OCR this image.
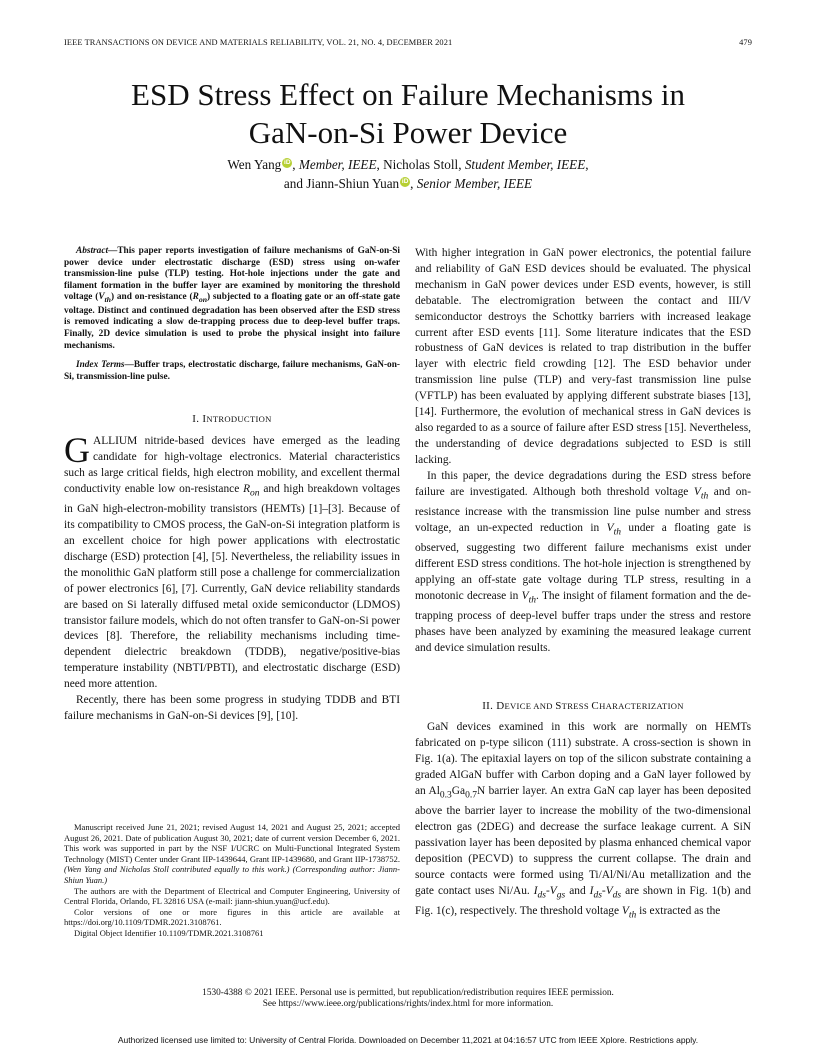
IEEE TRANSACTIONS ON DEVICE AND MATERIALS RELIABILITY, VOL. 21, NO. 4, DECEMBER 2021	479
ESD Stress Effect on Failure Mechanisms in
GaN-on-Si Power Device
Wen Yang iD , Member, IEEE, Nicholas Stoll, Student Member, IEEE,
and Jiann-Shiun Yuan iD , Senior Member, IEEE

Abstract—This paper reports investigation of failure mechanisms of GaN-on-Si power device under electrostatic discharge (ESD) stress using on-wafer transmission-line pulse (TLP) testing. Hot-hole injections under the gate and filament formation in the buffer layer are examined by monitoring the threshold voltage $(V_{th})$ and on-resistance $(R_{on})$ subjected to a floating gate or an off-state gate voltage. Distinct and continued degradation has been observed after the ESD stress is removed indicating a slow de-trapping process due to deep-level buffer traps. Finally, 2D device simulation is used to probe the physical insight into failure mechanisms.

Index Terms—Buffer traps, electrostatic discharge, failure mechanisms, GaN-on-Si, transmission-line pulse.

I. INTRODUCTION

GALLIUM nitride-based devices have emerged as the leading candidate for high-voltage electronics. Material characteristics such as large critical fields, high electron mobility, and excellent thermal conductivity enable low on-resistance $R_{on}$ and high breakdown voltages in GaN high-electron-mobility transistors (HEMTs) [1]–[3]. Because of its compatibility to CMOS process, the GaN-on-Si integration platform is an excellent choice for high power applications with electrostatic discharge (ESD) protection [4], [5]. Nevertheless, the reliability issues in the monolithic GaN platform still pose a challenge for commercialization of power electronics [6], [7]. Currently, GaN device reliability standards are based on Si laterally diffused metal oxide semiconductor (LDMOS) transistor failure models, which do not often transfer to GaN-on-Si power devices [8]. Therefore, the reliability mechanisms including time-dependent dielectric breakdown (TDDB), negative/positive-bias temperature instability (NBTI/PBTI), and electrostatic discharge (ESD) need more attention.

Recently, there has been some progress in studying TDDB and BTI failure mechanisms in GaN-on-Si devices [9], [10].

Manuscript received June 21, 2021; revised August 14, 2021 and August 25, 2021; accepted August 26, 2021. Date of publication August 30, 2021; date of current version December 6, 2021. This work was supported in part by the NSF I/UCRC on Multi-Functional Integrated System Technology (MIST) Center under Grant IIP-1439644, Grant IIP-1439680, and Grant IIP-1738752. (Wen Yang and Nicholas Stoll contributed equally to this work.) (Corresponding author: Jiann-Shiun Yuan.)

The authors are with the Department of Electrical and Computer Engineering, University of Central Florida, Orlando, FL 32816 USA (e-mail: jiann-shiun.yuan@ucf.edu).

Color versions of one or more figures in this article are available at https://doi.org/10.1109/TDMR.2021.3108761.

Digital Object Identifier 10.1109/TDMR.2021.3108761

With higher integration in GaN power electronics, the potential failure and reliability of GaN ESD devices should be evaluated. The physical mechanism in GaN power devices under ESD events, however, is still debatable. The electromigration between the contact and III/V semiconductor destroys the Schottky barriers with increased leakage current after ESD events [11]. Some literature indicates that the ESD robustness of GaN devices is related to trap distribution in the buffer layer with electric field crowding [12]. The ESD behavior under transmission line pulse (TLP) and very-fast transmission line pulse (VFTLP) has been evaluated by applying different substrate biases [13], [14]. Furthermore, the evolution of mechanical stress in GaN devices is also regarded to as a source of failure after ESD stress [15]. Nevertheless, the understanding of device degradations subjected to ESD is still lacking.

In this paper, the device degradations during the ESD stress before failure are investigated. Although both threshold voltage $V_{th}$ and on-resistance increase with the transmission line pulse number and stress voltage, an un-expected reduction in $V_{th}$ under a floating gate is observed, suggesting two different failure mechanisms exist under different ESD stress conditions. The hot-hole injection is strengthened by applying an off-state gate voltage during TLP stress, resulting in a monotonic decrease in $V_{th}$. The insight of filament formation and the de-trapping process of deep-level buffer traps under the stress and restore phases have been analyzed by examining the measured leakage current and device simulation results.

II. DEVICE AND STRESS CHARACTERIZATION

GaN devices examined in this work are normally on HEMTs fabricated on p-type silicon (111) substrate. A cross-section is shown in Fig. 1(a). The epitaxial layers on top of the silicon substrate containing a graded AlGaN buffer with Carbon doping and a GaN layer followed by an $Al_{0.3}Ga_{0.7}N$ barrier layer. An extra GaN cap layer has been deposited above the barrier layer to increase the mobility of the two-dimensional electron gas (2DEG) and decrease the surface leakage current. A SiN passivation layer has been deposited by plasma enhanced chemical vapor deposition (PECVD) to suppress the current collapse. The drain and source contacts were formed using Ti/Al/Ni/Au metallization and the gate contact uses Ni/Au. $I_{ds}-V_{gs}$ and $I_{ds}-V_{ds}$ are shown in Fig. 1(b) and Fig. 1(c), respectively. The threshold voltage $V_{th}$ is extracted as the

1530-4388 © 2021 IEEE. Personal use is permitted, but republication/redistribution requires IEEE permission.
See https://www.ieee.org/publications/rights/index.html for more information.
Authorized licensed use limited to: University of Central Florida. Downloaded on December 11,2021 at 04:16:57 UTC from IEEE Xplore. Restrictions apply.
